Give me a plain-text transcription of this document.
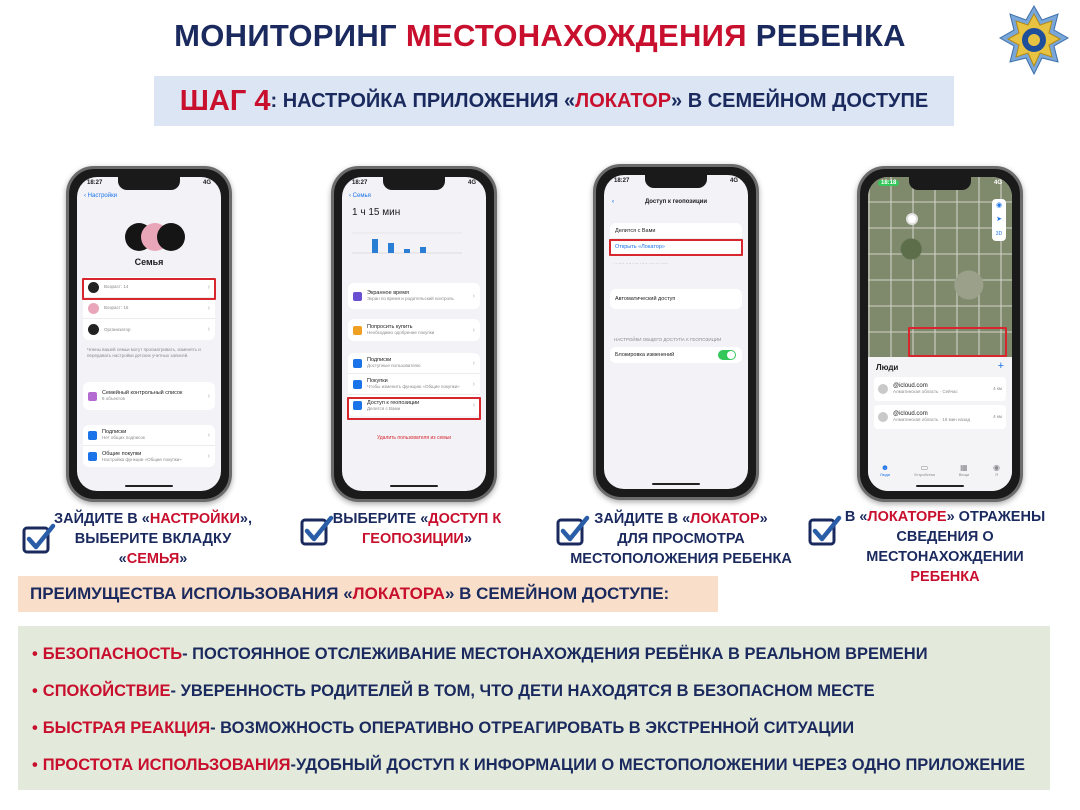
МОНИТОРИНГ МЕСТОНАХОЖДЕНИЯ РЕБЕНКА
ШАГ 4 : НАСТРОЙКА ПРИЛОЖЕНИЯ « ЛОКАТОР » В СЕМЕЙНОМ ДОСТУПЕ
18:27	4G
‹ Настройки
Семья
Возраст: 14	›
Возраст: 16	›
Организатор	›
Члены вашей семьи могут просматривать, изменять и передавать настройки детских учетных записей.
Семейный контрольный список
8 объектов	›
Подписки
Нет общих подписок	›
Общие покупки
Настройка функции «Общие покупки»	›
18:27	4G
‹ Семья
1 ч 15 мин
Экранное время
Экран по время и родительский контроль	›
Попросить купить
Необходимо одобрение покупки	›
Подписки
Доступные пользователю	›
Покупки
Чтобы изменить функцию «Общие покупки» ›
Доступ к геопозиции
Делится с Вами	›
Удалить пользователя из семьи
18:27	4G
‹	Доступ к геопозиции
Делится с Вами
Открыть «Локатор»
·· ···· ····· ··· ····· ···· ·· ·····
Автоматический доступ
НАСТРОЙКИ ОБЩЕГО ДОСТУПА К ГЕОПОЗИЦИИ
Блокировка изменений
18:18	4G
◉
➤
3D
Люди	+
@icloud.com
Алматинская область · Сейчас
4 км
@icloud.com
Алматинская область · 18 мин назад
4 км
☻
Люди
▭
Устройства
▦
Вещи
◉
Я
ЗАЙДИТЕ В «НАСТРОЙКИ»,
ВЫБЕРИТЕ ВКЛАДКУ
«СЕМЬЯ»
ВЫБЕРИТЕ «ДОСТУП К
ГЕОПОЗИЦИИ»
ЗАЙДИТЕ В «ЛОКАТОР»
ДЛЯ ПРОСМОТРА
МЕСТОПОЛОЖЕНИЯ РЕБЕНКА
В «ЛОКАТОРЕ» ОТРАЖЕНЫ
СВЕДЕНИЯ О
МЕСТОНАХОЖДЕНИИ РЕБЕНКА
ПРЕИМУЩЕСТВА ИСПОЛЬЗОВАНИЯ « ЛОКАТОРА » В СЕМЕЙНОМ ДОСТУПЕ:
• БЕЗОПАСНОСТЬ - ПОСТОЯННОЕ ОТСЛЕЖИВАНИЕ МЕСТОНАХОЖДЕНИЯ РЕБЁНКА В РЕАЛЬНОМ ВРЕМЕНИ
• СПОКОЙСТВИЕ - УВЕРЕННОСТЬ РОДИТЕЛЕЙ В ТОМ, ЧТО ДЕТИ НАХОДЯТСЯ В БЕЗОПАСНОМ МЕСТЕ
• БЫСТРАЯ РЕАКЦИЯ - ВОЗМОЖНОСТЬ ОПЕРАТИВНО ОТРЕАГИРОВАТЬ В ЭКСТРЕННОЙ СИТУАЦИИ
• ПРОСТОТА ИСПОЛЬЗОВАНИЯ -УДОБНЫЙ ДОСТУП К ИНФОРМАЦИИ О МЕСТОПОЛОЖЕНИИ ЧЕРЕЗ ОДНО ПРИЛОЖЕНИЕ
